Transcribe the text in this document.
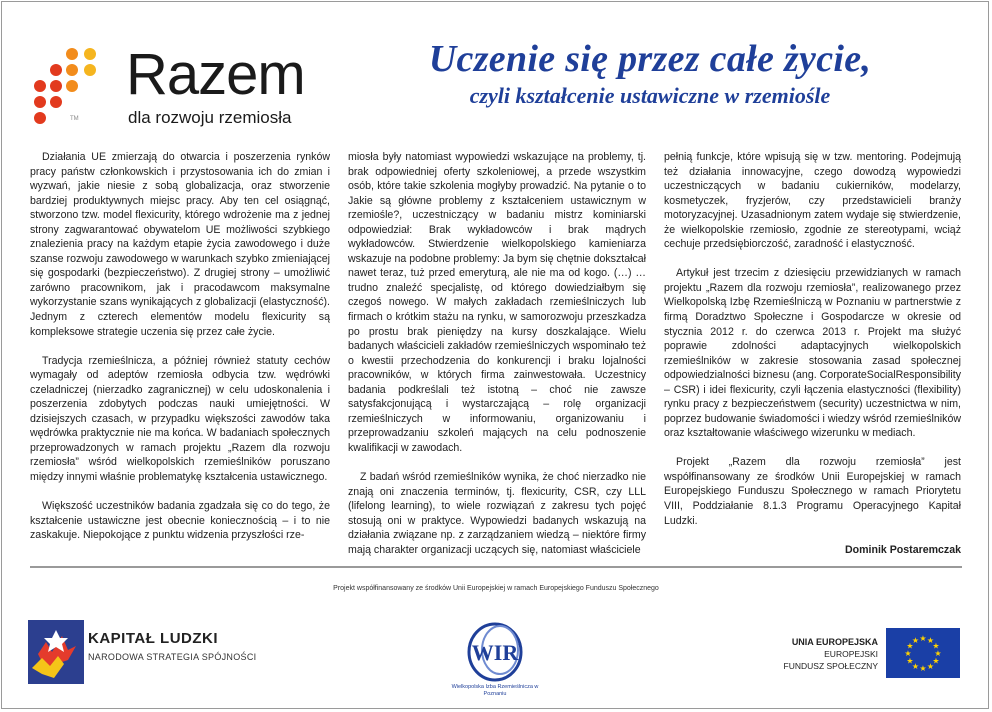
TM
Razem
dla rozwoju rzemiosła
Uczenie się przez całe życie,
czyli kształcenie ustawiczne w rzemiośle

Działania UE zmierzają do otwarcia i poszerzenia rynków pracy państw członkowskich i przystosowania ich do zmian i wyzwań, jakie niesie z sobą globalizacja, oraz stworzenie bardziej produktywnych miejsc pracy. Aby ten cel osiągnąć, stworzono tzw. model flexicurity, którego wdrożenie ma z jednej strony zagwarantować obywatelom UE możliwości szybkiego znalezienia pracy na każdym etapie życia zawodowego i duże szanse rozwoju zawodowego w warunkach szybko zmieniającej się gospodarki (bezpieczeństwo). Z drugiej strony – umożliwić zarówno pracownikom, jak i pracodawcom maksymalne wykorzystanie szans wynikających z globalizacji (elastyczność). Jednym z czterech elementów modelu flexicurity są kompleksowe strategie uczenia się przez całe życie.

Tradycja rzemieślnicza, a później również statuty cechów wymagały od adeptów rzemiosła odbycia tzw. wędrówki czeladniczej (nierzadko zagranicznej) w celu udoskonalenia i poszerzenia zdobytych podczas nauki umiejętności. W dzisiejszych czasach, w przypadku większości zawodów taka wędrówka praktycznie nie ma końca. W badaniach społecznych przeprowadzonych w ramach projektu „Razem dla rozwoju rzemiosła” wśród wielkopolskich rzemieślników poruszano między innymi właśnie problematykę kształcenia ustawicznego.

Większość uczestników badania zgadzała się co do tego, że kształcenie ustawiczne jest obecnie koniecznością – i to nie zaskakuje. Niepokojące z punktu widzenia przyszłości rze-

miosła były natomiast wypowiedzi wskazujące na problemy, tj. brak odpowiedniej oferty szkoleniowej, a przede wszystkim osób, które takie szkolenia mogłyby prowadzić. Na pytanie o to Jakie są główne problemy z kształceniem ustawicznym w rzemiośle?, uczestniczący w badaniu mistrz kominiarski odpowiedział: Brak wykładowców i brak mądrych wykładowców. Stwierdzenie wielkopolskiego kamieniarza wskazuje na podobne problemy: Ja bym się chętnie dokształcał nawet teraz, tuż przed emeryturą, ale nie ma od kogo. (…) … trudno znaleźć specjalistę, od którego dowiedziałbym się czegoś nowego. W małych zakładach rzemieślniczych lub firmach o krótkim stażu na rynku, w samorozwoju przeszkadza po prostu brak pieniędzy na kursy doszkalające. Wielu badanych właścicieli zakładów rzemieślniczych wspominało też o kwestii przechodzenia do konkurencji i braku lojalności pracowników, w których firma zainwestowała. Uczestnicy badania podkreślali też istotną – choć nie zawsze satysfakcjonującą i wystarczającą – rolę organizacji rzemieślniczych w informowaniu, organizowaniu i przeprowadzaniu szkoleń mających na celu podnoszenie kwalifikacji w zawodach.

Z badań wśród rzemieślników wynika, że choć nierzadko nie znają oni znaczenia terminów, tj. flexicurity, CSR, czy LLL (lifelong learning), to wiele rozwiązań z zakresu tych pojęć stosują oni w praktyce. Wypowiedzi badanych wskazują na działania związane np. z zarządzaniem wiedzą – niektóre firmy mają charakter organizacji uczących się, natomiast właściciele

pełnią funkcje, które wpisują się w tzw. mentoring. Podejmują też działania innowacyjne, czego dowodzą wypowiedzi uczestniczących w badaniu cukierników, modelarzy, kosmetyczek, fryzjerów, czy przedstawicieli branży motoryzacyjnej. Uzasadnionym zatem wydaje się stwierdzenie, że wielkopolskie rzemiosło, zgodnie ze stereotypami, wciąż cechuje przedsiębiorczość, zaradność i elastyczność.

Artykuł jest trzecim z dziesięciu przewidzianych w ramach projektu „Razem dla rozwoju rzemiosła”, realizowanego przez Wielkopolską Izbę Rzemieślniczą w Poznaniu w partnerstwie z firmą Doradztwo Społeczne i Gospodarcze w okresie od stycznia 2012 r. do czerwca 2013 r. Projekt ma służyć poprawie zdolności adaptacyjnych wielkopolskich rzemieślników w zakresie stosowania zasad społecznej odpowiedzialności biznesu (ang. CorporateSocialResponsibility – CSR) i idei flexicurity, czyli łączenia elastyczności (flexibility) rynku pracy z bezpieczeństwem (security) uczestnictwa w nim, poprzez budowanie świadomości i wiedzy wśród rzemieślników oraz kształtowanie właściwego wizerunku w mediach.

Projekt „Razem dla rozwoju rzemiosła” jest współfinansowany ze środków Unii Europejskiej w ramach Europejskiego Funduszu Społecznego w ramach Priorytetu VIII, Poddziałanie 8.1.3 Programu Operacyjnego Kapitał Ludzki.

Dominik Postaremczak
Projekt współfinansowany ze środków Unii Europejskiej w ramach Europejskiego Funduszu Społecznego
KAPITAŁ LUDZKI
NARODOWA STRATEGIA SPÓJNOŚCI	WIR
Wielkopolska Izba Rzemieślnicza w Poznaniu
UNIA EUROPEJSKA
EUROPEJSKI
FUNDUSZ SPOŁECZNY
★
★
★
★
★
★
★
★
★ ★ ★
★
